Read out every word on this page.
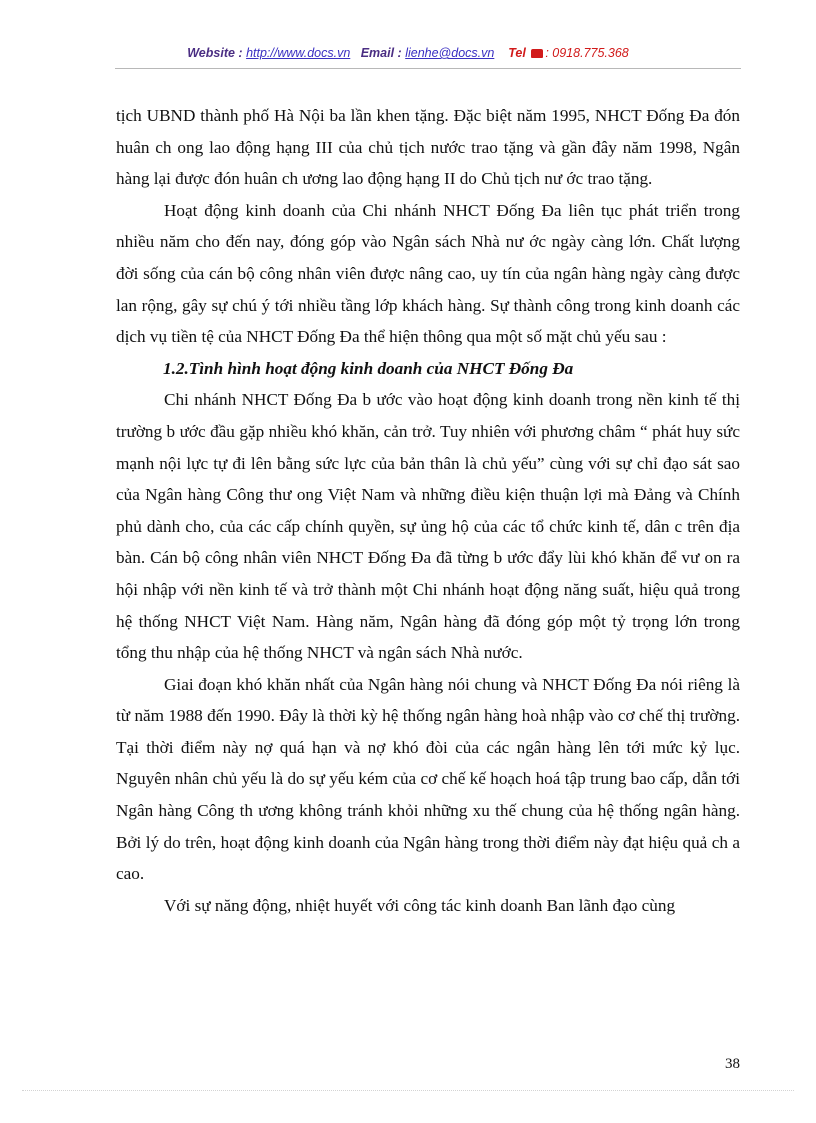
Website : http://www.docs.vn Email : lienhe@docs.vn Tel : 0918.775.368

tịch UBND thành phố Hà Nội ba lần khen tặng. Đặc biệt năm 1995, NHCT Đống Đa đón huân ch ong lao động hạng III của chủ tịch nước trao tặng và gần đây năm 1998, Ngân hàng lại được đón huân ch ương lao động hạng II do Chủ tịch nư ớc trao tặng.

Hoạt động kinh doanh của Chi nhánh NHCT Đống Đa liên tục phát triển trong nhiều năm cho đến nay, đóng góp vào Ngân sách Nhà nư ớc ngày càng lớn. Chất lượng đời sống của cán bộ công nhân viên được nâng cao, uy tín của ngân hàng ngày càng được lan rộng, gây sự chú ý tới nhiều tầng lớp khách hàng. Sự thành công trong kinh doanh các dịch vụ tiền tệ của NHCT Đống Đa thể hiện thông qua một số mặt chủ yếu sau :

1.2.Tình hình hoạt động kinh doanh của NHCT Đống Đa

Chi nhánh NHCT Đống Đa b ước vào hoạt động kinh doanh trong nền kinh tế thị trường b ước đầu gặp nhiều khó khăn, cản trở. Tuy nhiên với phương châm “ phát huy sức mạnh nội lực tự đi lên bằng sức lực của bản thân là chủ yếu” cùng với sự chỉ đạo sát sao của Ngân hàng Công thư ong Việt Nam và những điều kiện thuận lợi mà Đảng và Chính phủ dành cho, của các cấp chính quyền, sự ủng hộ của các tổ chức kinh tế, dân c trên địa bàn. Cán bộ công nhân viên NHCT Đống Đa đã từng b ước đẩy lùi khó khăn để vư on ra hội nhập với nền kinh tế và trở thành một Chi nhánh hoạt động năng suất, hiệu quả trong hệ thống NHCT Việt Nam. Hàng năm, Ngân hàng đã đóng góp một tỷ trọng lớn trong tổng thu nhập của hệ thống NHCT và ngân sách Nhà nước.

Giai đoạn khó khăn nhất của Ngân hàng nói chung và NHCT Đống Đa nói riêng là từ năm 1988 đến 1990. Đây là thời kỳ hệ thống ngân hàng hoà nhập vào cơ chế thị trường. Tại thời điểm này nợ quá hạn và nợ khó đòi của các ngân hàng lên tới mức kỷ lục. Nguyên nhân chủ yếu là do sự yếu kém của cơ chế kế hoạch hoá tập trung bao cấp, dẫn tới Ngân hàng Công th ương không tránh khỏi những xu thế chung của hệ thống ngân hàng. Bởi lý do trên, hoạt động kinh doanh của Ngân hàng trong thời điểm này đạt hiệu quả ch a cao.

Với sự năng động, nhiệt huyết với công tác kinh doanh Ban lãnh đạo cùng

38
